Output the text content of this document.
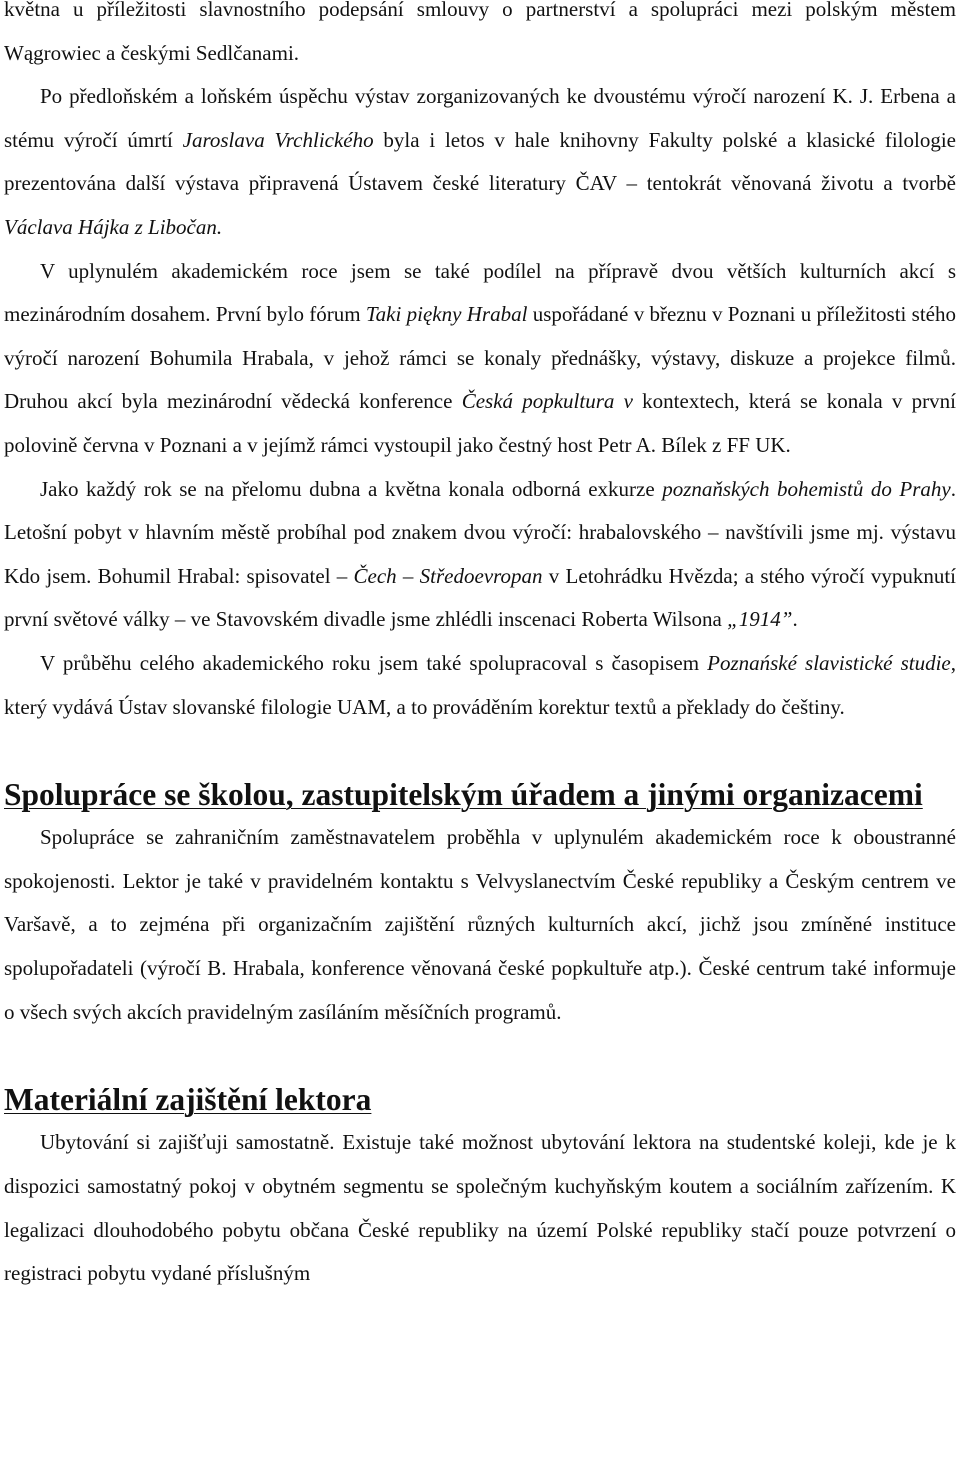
května u příležitosti slavnostního podepsání smlouvy o partnerství a spolupráci mezi polským městem Wągrowiec a českými Sedlčanami.

Po předloňském a loňském úspěchu výstav zorganizovaných ke dvoustému výročí narození K. J. Erbena a stému výročí úmrtí Jaroslava Vrchlického byla i letos v hale knihovny Fakulty polské a klasické filologie prezentována další výstava připravená Ústavem české literatury ČAV – tentokrát věnovaná životu a tvorbě Václava Hájka z Libočan.

V uplynulém akademickém roce jsem se také podílel na přípravě dvou větších kulturních akcí s mezinárodním dosahem. První bylo fórum Taki piękny Hrabal uspořádané v březnu v Poznani u příležitosti stého výročí narození Bohumila Hrabala, v jehož rámci se konaly přednášky, výstavy, diskuze a projekce filmů. Druhou akcí byla mezinárodní vědecká konference Česká popkultura v kontextech, která se konala v první polovině června v Poznani a v jejímž rámci vystoupil jako čestný host Petr A. Bílek z FF UK.

Jako každý rok se na přelomu dubna a května konala odborná exkurze poznaňských bohemistů do Prahy. Letošní pobyt v hlavním městě probíhal pod znakem dvou výročí: hrabalovského – navštívili jsme mj. výstavu Kdo jsem. Bohumil Hrabal: spisovatel – Čech – Středoevropan v Letohrádku Hvězda; a stého výročí vypuknutí první světové války – ve Stavovském divadle jsme zhlédli inscenaci Roberta Wilsona „1914”.

V průběhu celého akademického roku jsem také spolupracoval s časopisem Poznańské slavistické studie, který vydává Ústav slovanské filologie UAM, a to prováděním korektur textů a překlady do češtiny.

Spolupráce se školou, zastupitelským úřadem a jinými organizacemi

Spolupráce se zahraničním zaměstnavatelem proběhla v uplynulém akademickém roce k oboustranné spokojenosti. Lektor je také v pravidelném kontaktu s Velvyslanectvím České republiky a Českým centrem ve Varšavě, a to zejména při organizačním zajištění různých kulturních akcí, jichž jsou zmíněné instituce spolupořadateli (výročí B. Hrabala, konference věnovaná české popkultuře atp.). České centrum také informuje o všech svých akcích pravidelným zasíláním měsíčních programů.

Materiální zajištění lektora

Ubytování si zajišťuji samostatně. Existuje také možnost ubytování lektora na studentské koleji, kde je k dispozici samostatný pokoj v obytném segmentu se společným kuchyňským koutem a sociálním zařízením. K legalizaci dlouhodobého pobytu občana České republiky na území Polské republiky stačí pouze potvrzení o registraci pobytu vydané příslušným
